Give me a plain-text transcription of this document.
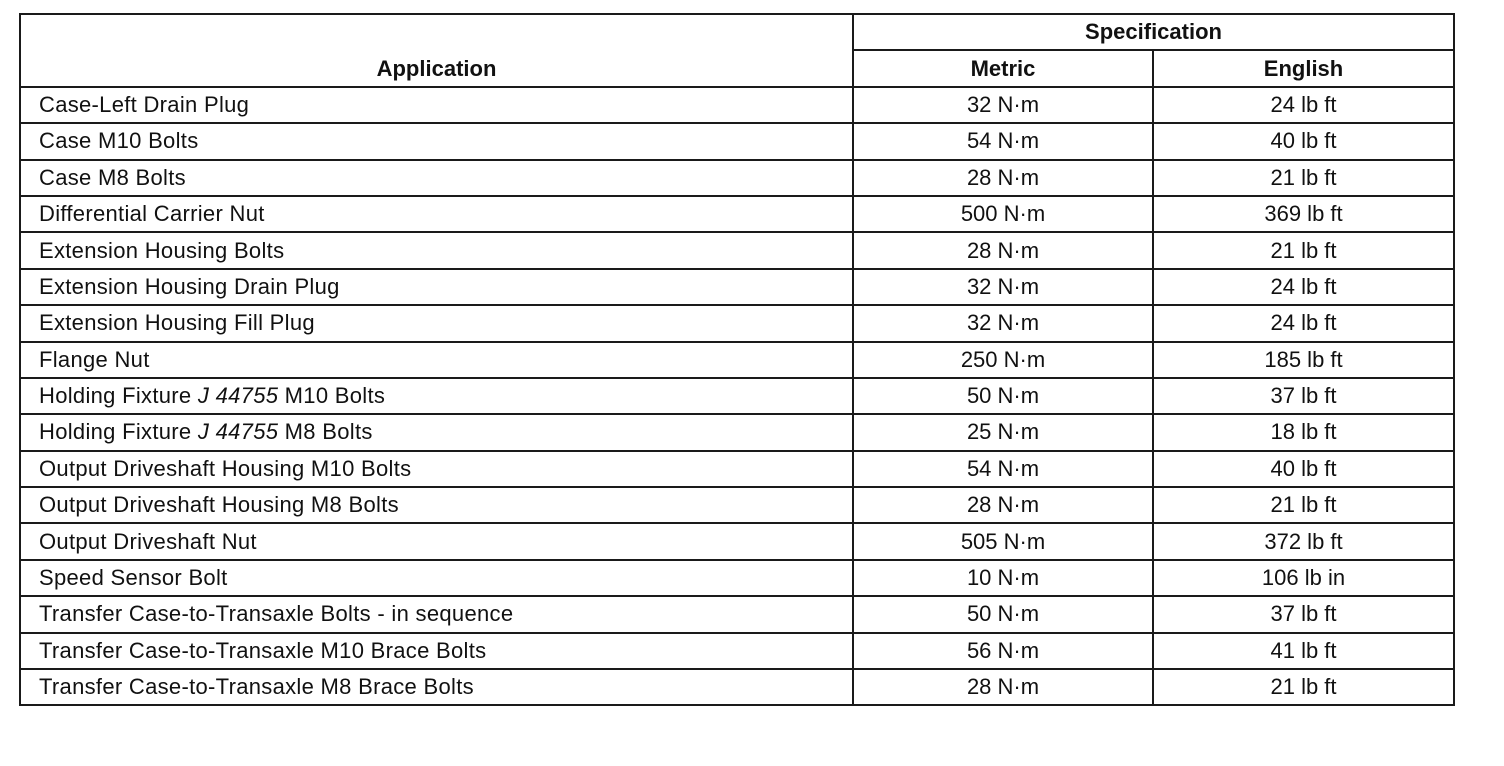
Application	Specification	
	Metric	English
Case-Left Drain Plug	32 N·m	24 lb ft
Case M10 Bolts	54 N·m	40 lb ft
Case M8 Bolts	28 N·m	21 lb ft
Differential Carrier Nut	500 N·m	369 lb ft
Extension Housing Bolts	28 N·m	21 lb ft
Extension Housing Drain Plug	32 N·m	24 lb ft
Extension Housing Fill Plug	32 N·m	24 lb ft
Flange Nut	250 N·m	185 lb ft
Holding Fixture J 44755 M10 Bolts	50 N·m	37 lb ft
Holding Fixture J 44755 M8 Bolts	25 N·m	18 lb ft
Output Driveshaft Housing M10 Bolts	54 N·m	40 lb ft
Output Driveshaft Housing M8 Bolts	28 N·m	21 lb ft
Output Driveshaft Nut	505 N·m	372 lb ft
Speed Sensor Bolt	10 N·m	106 lb in
Transfer Case-to-Transaxle Bolts - in sequence	50 N·m	37 lb ft
Transfer Case-to-Transaxle M10 Brace Bolts	56 N·m	41 lb ft
Transfer Case-to-Transaxle M8 Brace Bolts	28 N·m	21 lb ft
